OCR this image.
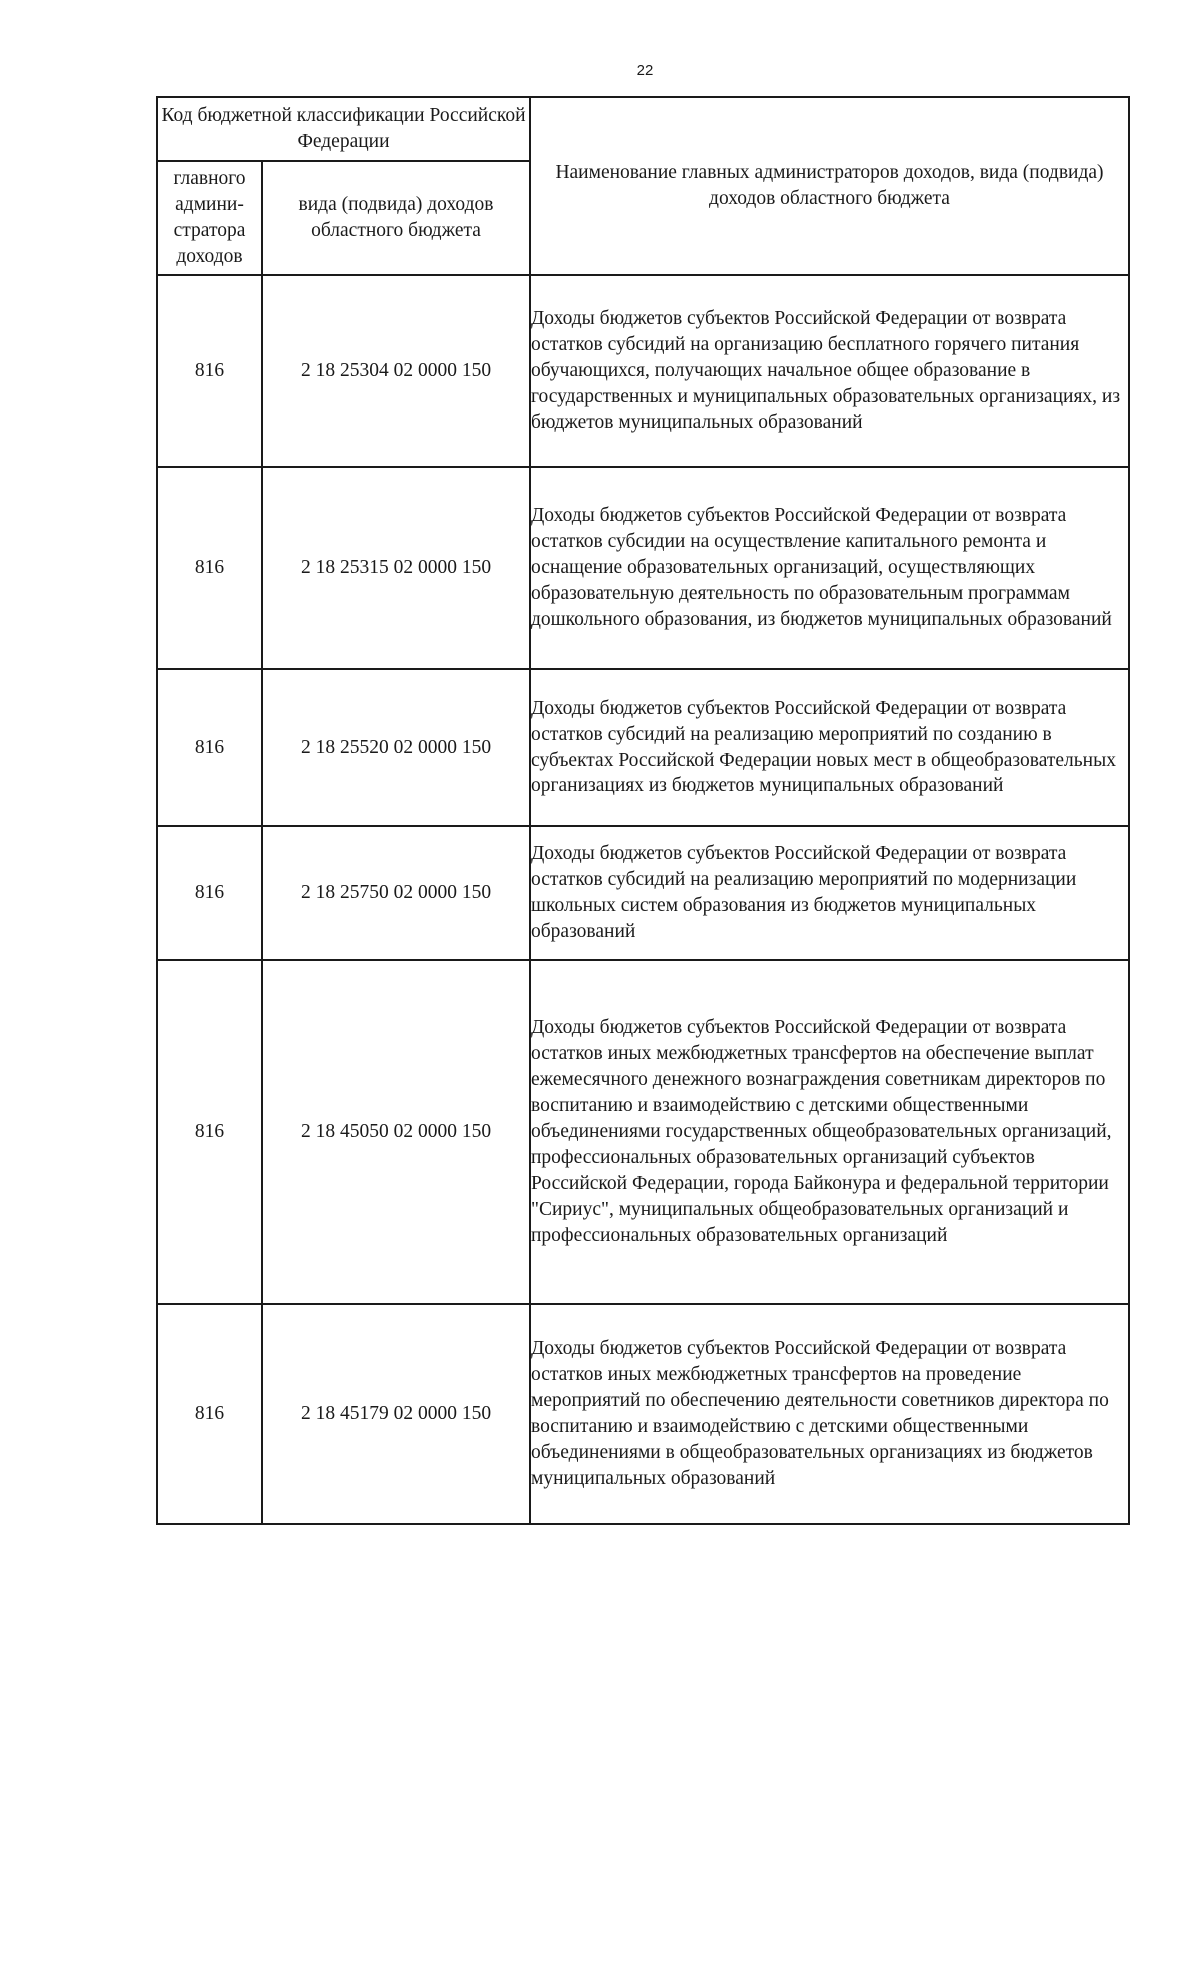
22
Код бюджетной классификации Российской Федерации		Наименование главных администраторов доходов, вида (подвида) доходов областного бюджета
главного админи-стратора доходов	вида (подвида) доходов областного бюджета	
816	2 18 25304 02 0000 150	Доходы бюджетов субъектов Российской Федерации от возврата остатков субсидий на организацию бесплатного горячего питания обучающихся, получающих начальное общее образование в государственных и муниципальных образовательных организациях, из бюджетов муниципальных образований
816	2 18 25315 02 0000 150	Доходы бюджетов субъектов Российской Федерации от возврата остатков субсидии на осуществление капитального ремонта и оснащение образовательных организаций, осуществляющих образовательную деятельность по образовательным программам дошкольного образования, из бюджетов муниципальных образований
816	2 18 25520 02 0000 150	Доходы бюджетов субъектов Российской Федерации от возврата остатков субсидий на реализацию мероприятий по созданию в субъектах Российской Федерации новых мест в общеобразовательных организациях из бюджетов муниципальных образований
816	2 18 25750 02 0000 150	Доходы бюджетов субъектов Российской Федерации от возврата остатков субсидий на реализацию мероприятий по модернизации школьных систем образования из бюджетов муниципальных образований
816	2 18 45050 02 0000 150	Доходы бюджетов субъектов Российской Федерации от возврата остатков иных межбюджетных трансфертов на обеспечение выплат ежемесячного денежного вознаграждения советникам директоров по воспитанию и взаимодействию с детскими общественными объединениями государственных общеобразовательных организаций, профессиональных образовательных организаций субъектов Российской Федерации, города Байконура и федеральной территории "Сириус", муниципальных общеобразовательных организаций и профессиональных образовательных организаций
816	2 18 45179 02 0000 150	Доходы бюджетов субъектов Российской Федерации от возврата остатков иных межбюджетных трансфертов на проведение мероприятий по обеспечению деятельности советников директора по воспитанию и взаимодействию с детскими общественными объединениями в общеобразовательных организациях из бюджетов муниципальных образований
